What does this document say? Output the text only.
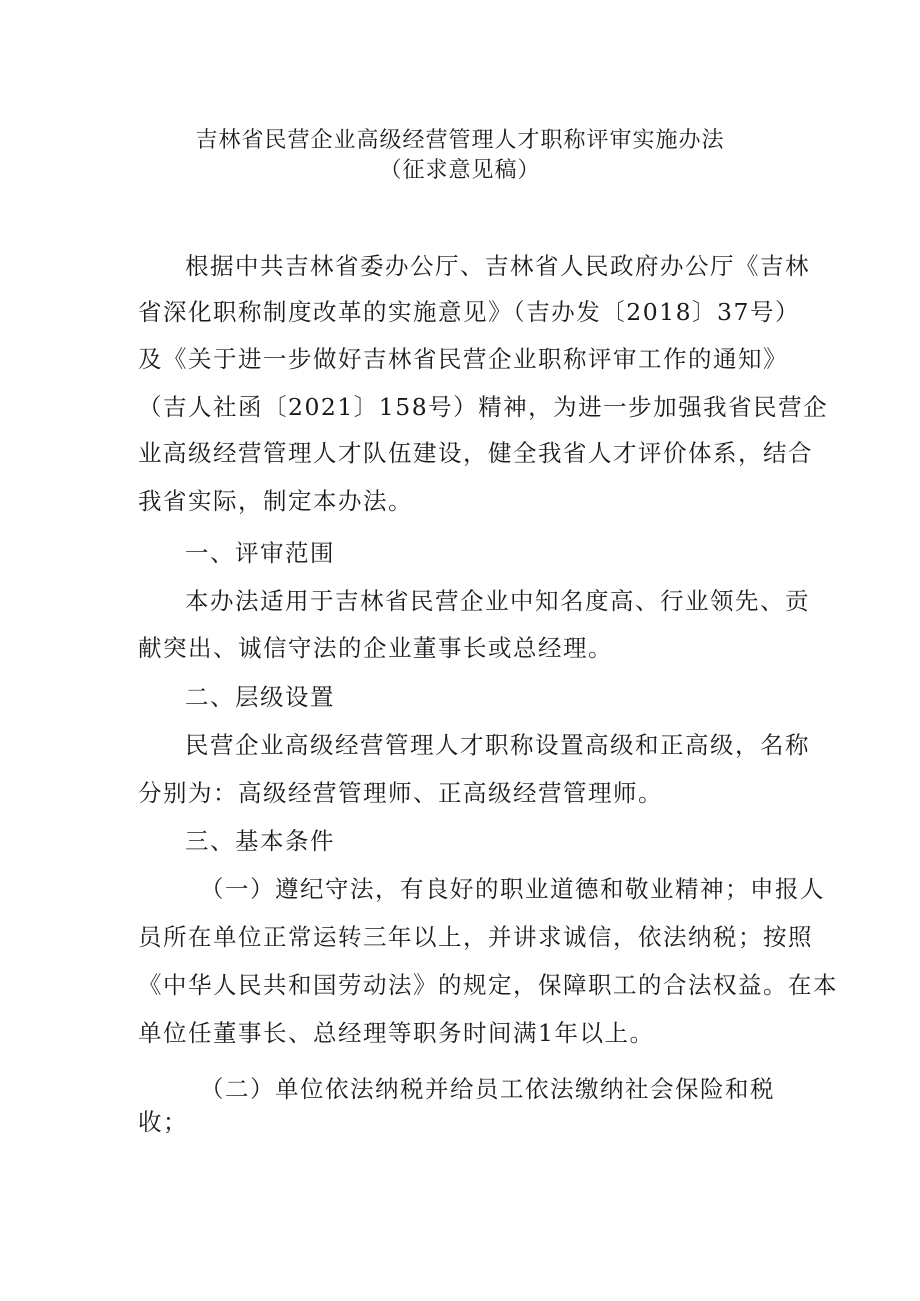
吉林省民营企业高级经营管理人才职称评审实施办法
（征求意见稿）
根据中共吉林省委办公厅、吉林省人民政府办公厅《吉林
省深化职称制度改革的实施意见》（吉办发〔2018〕37号）
及《关于进一步做好吉林省民营企业职称评审工作的通知》
（吉人社函〔2021〕158号）精神，为进一步加强我省民营企
业高级经营管理人才队伍建设，健全我省人才评价体系，结合
我省实际，制定本办法。
一、评审范围
本办法适用于吉林省民营企业中知名度高、行业领先、贡
献突出、诚信守法的企业董事长或总经理。
二、层级设置
民营企业高级经营管理人才职称设置高级和正高级，名称
分别为：高级经营管理师、正高级经营管理师。
三、基本条件
（一）遵纪守法，有良好的职业道德和敬业精神；申报人
员所在单位正常运转三年以上，并讲求诚信，依法纳税；按照
《中华人民共和国劳动法》的规定，保障职工的合法权益。在本
单位任董事长、总经理等职务时间满1年以上。
（二）单位依法纳税并给员工依法缴纳社会保险和税
收；
